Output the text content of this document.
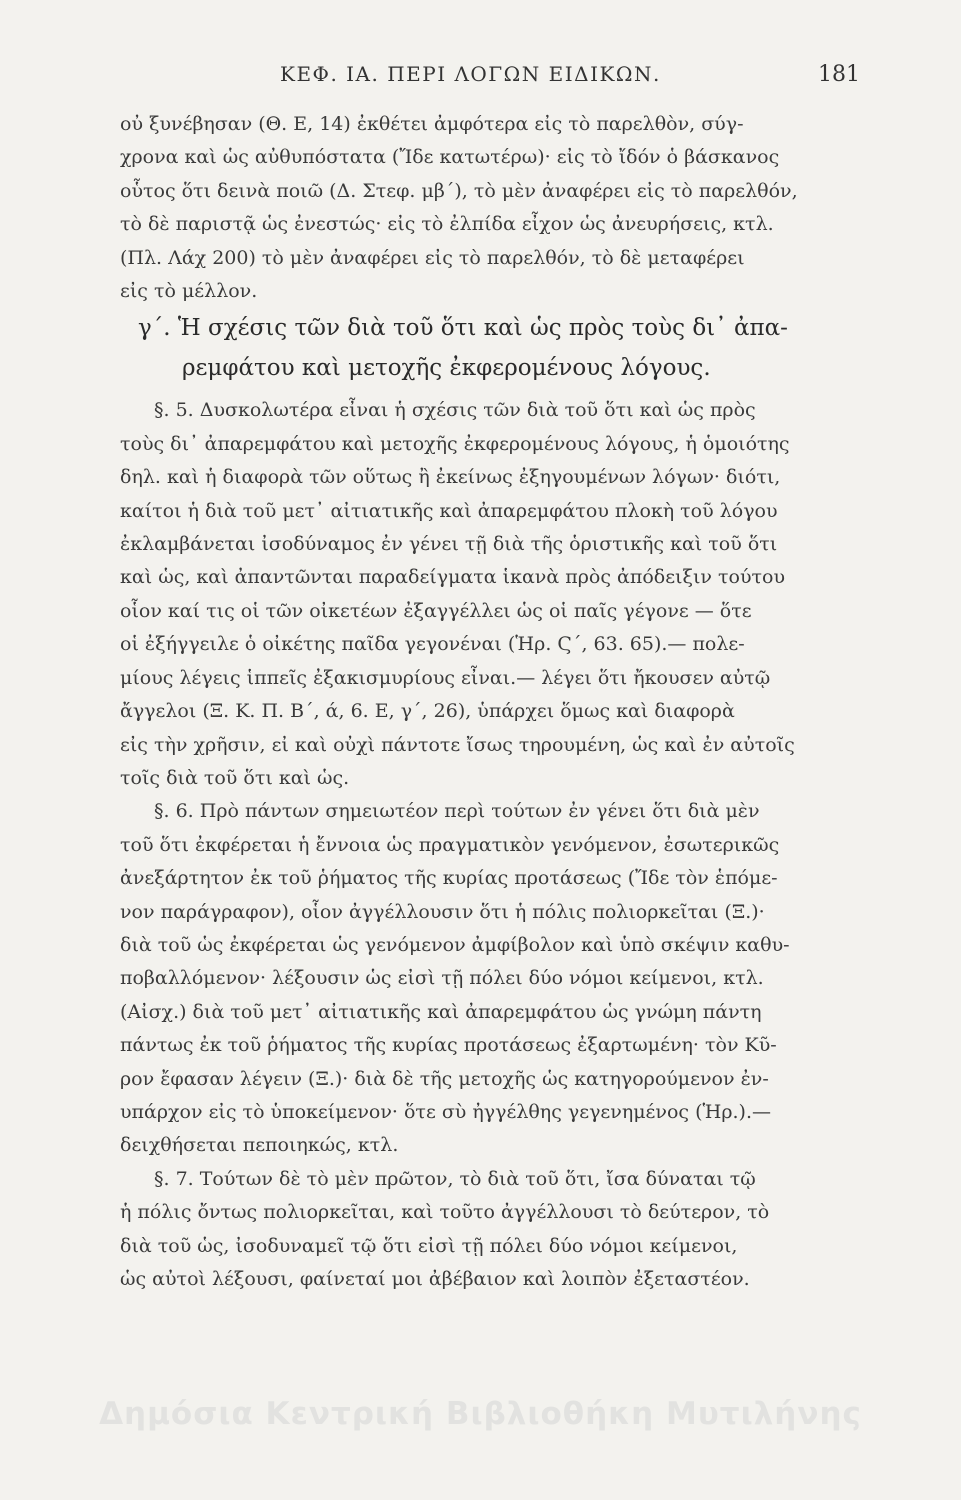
ΚΕΦ. ΙΑ. ΠΕΡΙ ΛΟΓΩΝ ΕΙΔΙΚΩΝ.	181
οὐ ξυνέβησαν (Θ. Ε, 14) ἐκθέτει ἀμφότερα εἰς τὸ παρελθὸν, σύγ-
χρονα καὶ ὡς αὐθυπόστατα (Ἴδε κατωτέρω)· εἰς τὸ ἴδόν ὁ βάσκανος
οὗτος ὅτι δεινὰ ποιῶ (Δ. Στεφ. μβ΄), τὸ μὲν ἀναφέρει εἰς τὸ παρελθόν,
τὸ δὲ παριστᾷ ὡς ἐνεστώς· εἰς τὸ ἐλπίδα εἶχον ὡς ἀνευρήσεις, κτλ.
(Πλ. Λάχ 200) τὸ μὲν ἀναφέρει εἰς τὸ παρελθόν, τὸ δὲ μεταφέρει
εἰς τὸ μέλλον.
γ΄. Ἡ σχέσις τῶν διὰ τοῦ ὅτι καὶ ὡς πρὸς τοὺς δι᾽ ἀπα-
ρεμφάτου καὶ μετοχῆς ἐκφερομένους λόγους.
§. 5. Δυσκολωτέρα εἶναι ἡ σχέσις τῶν διὰ τοῦ ὅτι καὶ ὡς πρὸς
τοὺς δι᾽ ἀπαρεμφάτου καὶ μετοχῆς ἐκφερομένους λόγους, ἡ ὁμοιότης
δηλ. καὶ ἡ διαφορὰ τῶν οὕτως ἢ ἐκείνως ἐξηγουμένων λόγων· διότι,
καίτοι ἡ διὰ τοῦ μετ᾽ αἰτιατικῆς καὶ ἀπαρεμφάτου πλοκὴ τοῦ λόγου
ἐκλαμβάνεται ἰσοδύναμος ἐν γένει τῇ διὰ τῆς ὁριστικῆς καὶ τοῦ ὅτι
καὶ ὡς, καὶ ἀπαντῶνται παραδείγματα ἱκανὰ πρὸς ἀπόδειξιν τούτου
οἷον καί τις οἱ τῶν οἰκετέων ἐξαγγέλλει ὡς οἱ παῖς γέγονε — ὅτε
οἱ ἐξήγγειλε ὁ οἰκέτης παῖδα γεγονέναι (Ἡρ. Ϛ΄, 63. 65).— πολε-
μίους λέγεις ἱππεῖς ἐξακισμυρίους εἶναι.— λέγει ὅτι ἤκουσεν αὐτῷ
ἄγγελοι (Ξ. Κ. Π. Β΄, ά, 6. Ε, γ΄, 26), ὑπάρχει ὅμως καὶ διαφορὰ
εἰς τὴν χρῆσιν, εἰ καὶ οὐχὶ πάντοτε ἴσως τηρουμένη, ὡς καὶ ἐν αὐτοῖς
τοῖς διὰ τοῦ ὅτι καὶ ὡς.
§. 6. Πρὸ πάντων σημειωτέον περὶ τούτων ἐν γένει ὅτι διὰ μὲν
τοῦ ὅτι ἐκφέρεται ἡ ἔννοια ὡς πραγματικὸν γενόμενον, ἐσωτερικῶς
ἀνεξάρτητον ἐκ τοῦ ῥήματος τῆς κυρίας προτάσεως (Ἴδε τὸν ἑπόμε-
νον παράγραφον), οἷον ἀγγέλλουσιν ὅτι ἡ πόλις πολιορκεῖται (Ξ.)·
διὰ τοῦ ὡς ἐκφέρεται ὡς γενόμενον ἀμφίβολον καὶ ὑπὸ σκέψιν καθυ-
ποβαλλόμενον· λέξουσιν ὡς εἰσὶ τῇ πόλει δύο νόμοι κείμενοι, κτλ.
(Αἰσχ.) διὰ τοῦ μετ᾽ αἰτιατικῆς καὶ ἀπαρεμφάτου ὡς γνώμη πάντη
πάντως ἐκ τοῦ ῥήματος τῆς κυρίας προτάσεως ἐξαρτωμένη· τὸν Κῦ-
ρον ἔφασαν λέγειν (Ξ.)· διὰ δὲ τῆς μετοχῆς ὡς κατηγορούμενον ἐν-
υπάρχον εἰς τὸ ὑποκείμενον· ὅτε σὺ ἠγγέλθης γεγενημένος (Ἡρ.).—
δειχθήσεται πεποιηκώς, κτλ.
§. 7. Τούτων δὲ τὸ μὲν πρῶτον, τὸ διὰ τοῦ ὅτι, ἴσα δύναται τῷ
ἡ πόλις ὄντως πολιορκεῖται, καὶ τοῦτο ἀγγέλλουσι τὸ δεύτερον, τὸ
διὰ τοῦ ὡς, ἰσοδυναμεῖ τῷ ὅτι εἰσὶ τῇ πόλει δύο νόμοι κείμενοι,
ὡς αὐτοὶ λέξουσι, φαίνεταί μοι ἀβέβαιον καὶ λοιπὸν ἐξεταστέον.
Δημόσια Κεντρική Βιβλιοθήκη Μυτιλήνης
